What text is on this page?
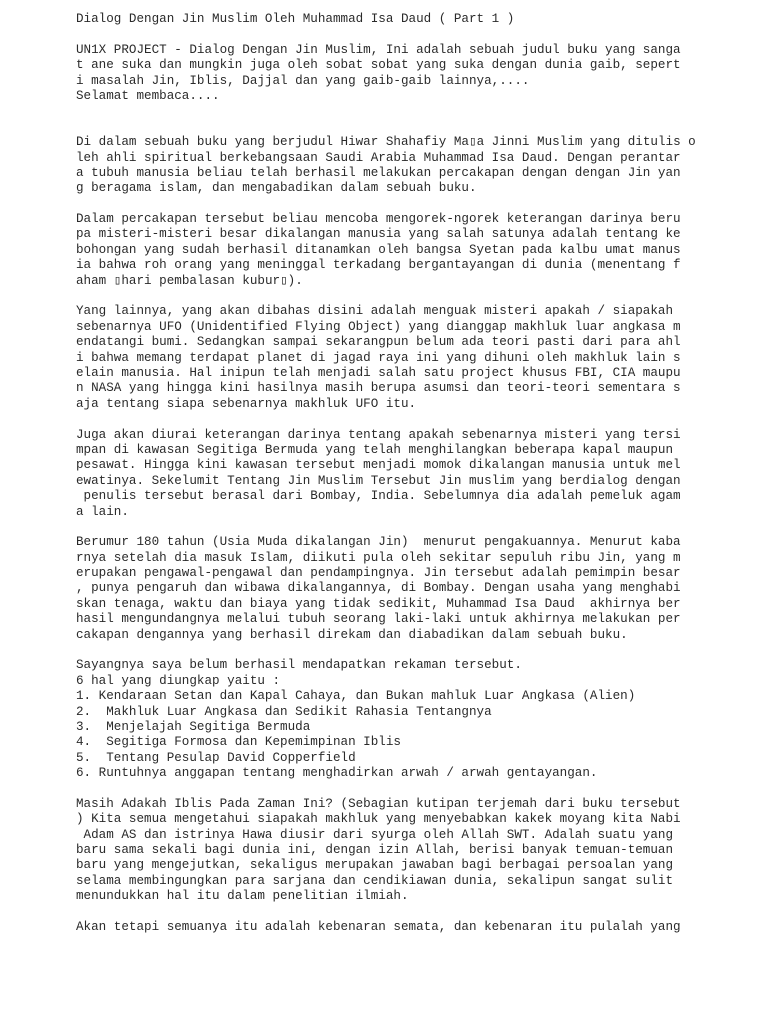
Dialog Dengan Jin Muslim Oleh Muhammad Isa Daud ( Part 1 )
UN1X PROJECT - Dialog Dengan Jin Muslim, Ini adalah sebuah judul buku yang sanga
t ane suka dan mungkin juga oleh sobat sobat yang suka dengan dunia gaib, sepert
i masalah Jin, Iblis, Dajjal dan yang gaib-gaib lainnya,....
Selamat membaca....
Di dalam sebuah buku yang berjudul Hiwar Shahafiy Ma▯a Jinni Muslim yang ditulis o
leh ahli spiritual berkebangsaan Saudi Arabia Muhammad Isa Daud. Dengan perantar
a tubuh manusia beliau telah berhasil melakukan percakapan dengan dengan Jin yan
g beragama islam, dan mengabadikan dalam sebuah buku.
Dalam percakapan tersebut beliau mencoba mengorek-ngorek keterangan darinya beru
pa misteri-misteri besar dikalangan manusia yang salah satunya adalah tentang ke
bohongan yang sudah berhasil ditanamkan oleh bangsa Syetan pada kalbu umat manus
ia bahwa roh orang yang meninggal terkadang bergantayangan di dunia (menentang f
aham ▯hari pembalasan kubur▯).
Yang lainnya, yang akan dibahas disini adalah menguak misteri apakah / siapakah
sebenarnya UFO (Unidentified Flying Object) yang dianggap makhluk luar angkasa m
endatangi bumi. Sedangkan sampai sekarangpun belum ada teori pasti dari para ahl
i bahwa memang terdapat planet di jagad raya ini yang dihuni oleh makhluk lain s
elain manusia. Hal inipun telah menjadi salah satu project khusus FBI, CIA maupu
n NASA yang hingga kini hasilnya masih berupa asumsi dan teori-teori sementara s
aja tentang siapa sebenarnya makhluk UFO itu.
Juga akan diurai keterangan darinya tentang apakah sebenarnya misteri yang tersi
mpan di kawasan Segitiga Bermuda yang telah menghilangkan beberapa kapal maupun
pesawat. Hingga kini kawasan tersebut menjadi momok dikalangan manusia untuk mel
ewatinya. Sekelumit Tentang Jin Muslim Tersebut Jin muslim yang berdialog dengan
penulis tersebut berasal dari Bombay, India. Sebelumnya dia adalah pemeluk agam
a lain.
Berumur 180 tahun (Usia Muda dikalangan Jin)  menurut pengakuannya. Menurut kaba
rnya setelah dia masuk Islam, diikuti pula oleh sekitar sepuluh ribu Jin, yang m
erupakan pengawal-pengawal dan pendampingnya. Jin tersebut adalah pemimpin besar
, punya pengaruh dan wibawa dikalangannya, di Bombay. Dengan usaha yang menghabi
skan tenaga, waktu dan biaya yang tidak sedikit, Muhammad Isa Daud  akhirnya ber
hasil mengundangnya melalui tubuh seorang laki-laki untuk akhirnya melakukan per
cakapan dengannya yang berhasil direkam dan diabadikan dalam sebuah buku.
Sayangnya saya belum berhasil mendapatkan rekaman tersebut.
6 hal yang diungkap yaitu :
1. Kendaraan Setan dan Kapal Cahaya, dan Bukan mahluk Luar Angkasa (Alien)
2.  Makhluk Luar Angkasa dan Sedikit Rahasia Tentangnya
3.  Menjelajah Segitiga Bermuda
4.  Segitiga Formosa dan Kepemimpinan Iblis
5.  Tentang Pesulap David Copperfield
6. Runtuhnya anggapan tentang menghadirkan arwah / arwah gentayangan.
Masih Adakah Iblis Pada Zaman Ini? (Sebagian kutipan terjemah dari buku tersebut
) Kita semua mengetahui siapakah makhluk yang menyebabkan kakek moyang kita Nabi
Adam AS dan istrinya Hawa diusir dari syurga oleh Allah SWT. Adalah suatu yang
baru sama sekali bagi dunia ini, dengan izin Allah, berisi banyak temuan-temuan
baru yang mengejutkan, sekaligus merupakan jawaban bagi berbagai persoalan yang
selama membingungkan para sarjana dan cendikiawan dunia, sekalipun sangat sulit
menundukkan hal itu dalam penelitian ilmiah.
Akan tetapi semuanya itu adalah kebenaran semata, dan kebenaran itu pulalah yang
